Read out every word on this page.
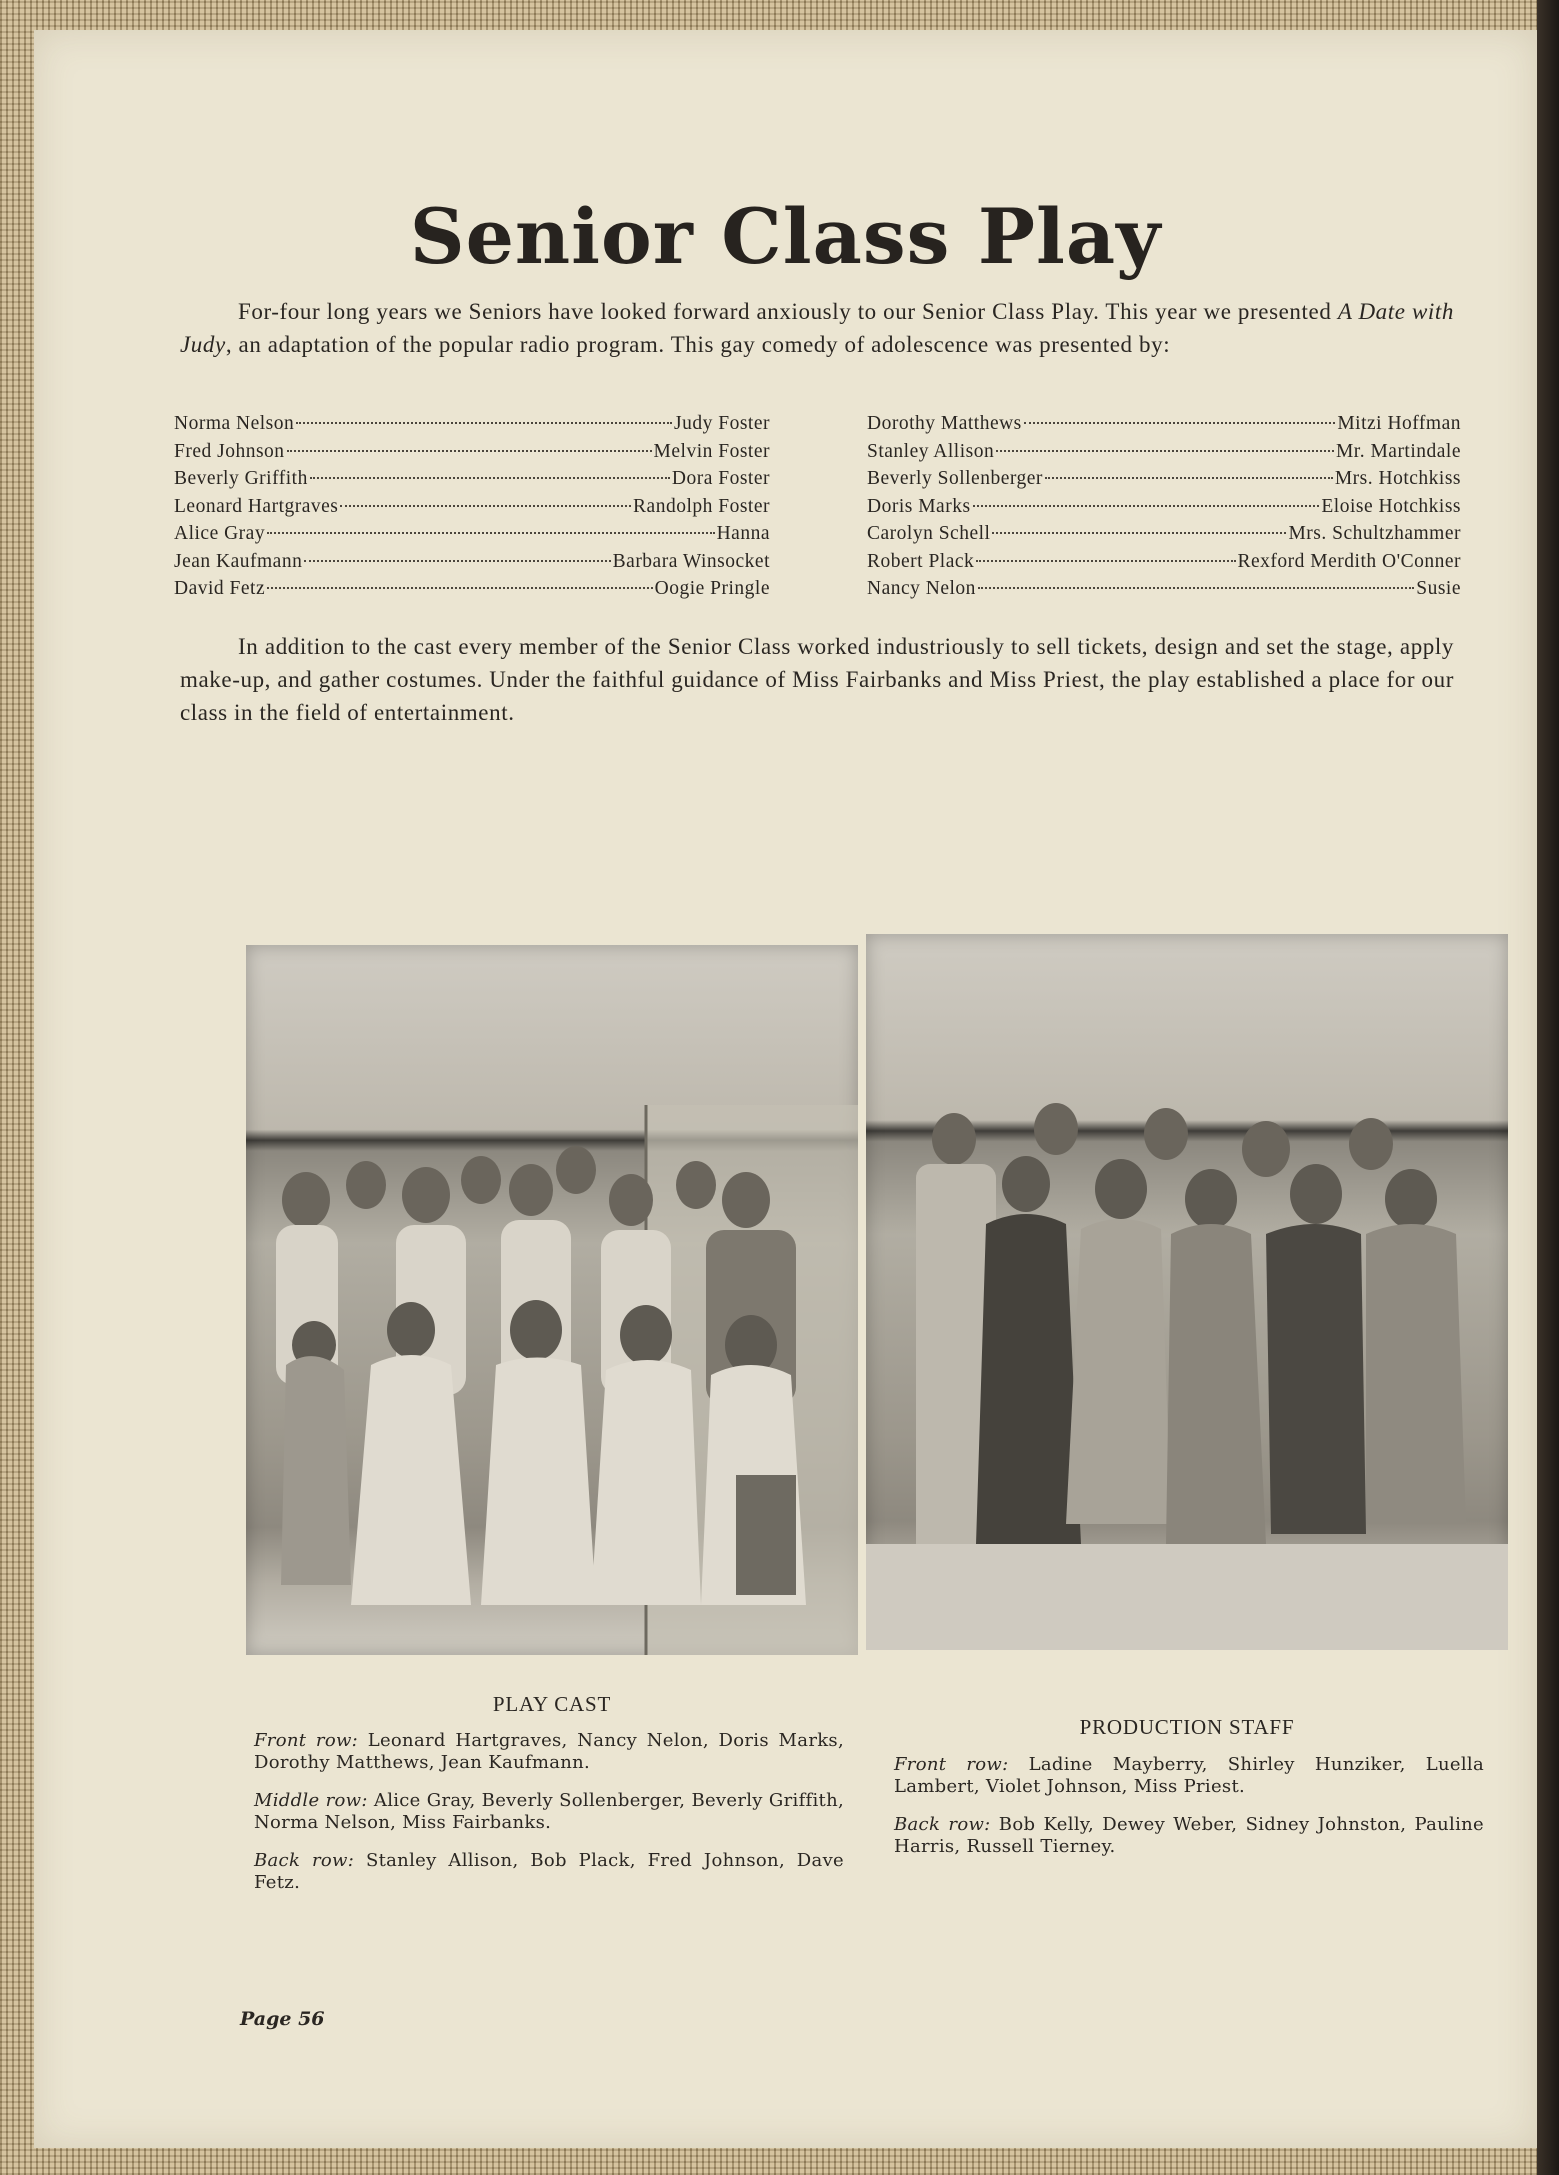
Senior Class Play

For-four long years we Seniors have looked forward anxiously to our Senior Class Play. This year we presented A Date with Judy, an adaptation of the popular radio program. This gay comedy of adolescence was presented by:

Norma Nelson	Judy Foster
Fred Johnson	Melvin Foster
Beverly Griffith	Dora Foster
Leonard Hartgraves	Randolph Foster
Alice Gray	Hanna
Jean Kaufmann	Barbara Winsocket
David Fetz	Oogie Pringle
Dorothy Matthews	Mitzi Hoffman
Stanley Allison	Mr. Martindale
Beverly Sollenberger	Mrs. Hotchkiss
Doris Marks	Eloise Hotchkiss
Carolyn Schell	Mrs. Schultzhammer
Robert Plack	Rexford Merdith O'Conner
Nancy Nelon	Susie

In addition to the cast every member of the Senior Class worked industriously to sell tickets, design and set the stage, apply make-up, and gather costumes. Under the faithful guidance of Miss Fairbanks and Miss Priest, the play established a place for our class in the field of entertainment.

PLAY CAST

Front row: Leonard Hartgraves, Nancy Nelon, Doris Marks, Dorothy Matthews, Jean Kaufmann.

Middle row: Alice Gray, Beverly Sollenberger, Beverly Griffith, Norma Nelson, Miss Fairbanks.

Back row: Stanley Allison, Bob Plack, Fred Johnson, Dave Fetz.

PRODUCTION STAFF

Front row: Ladine Mayberry, Shirley Hunziker, Luella Lambert, Violet Johnson, Miss Priest.

Back row: Bob Kelly, Dewey Weber, Sidney Johnston, Pauline Harris, Russell Tierney.

Page 56
